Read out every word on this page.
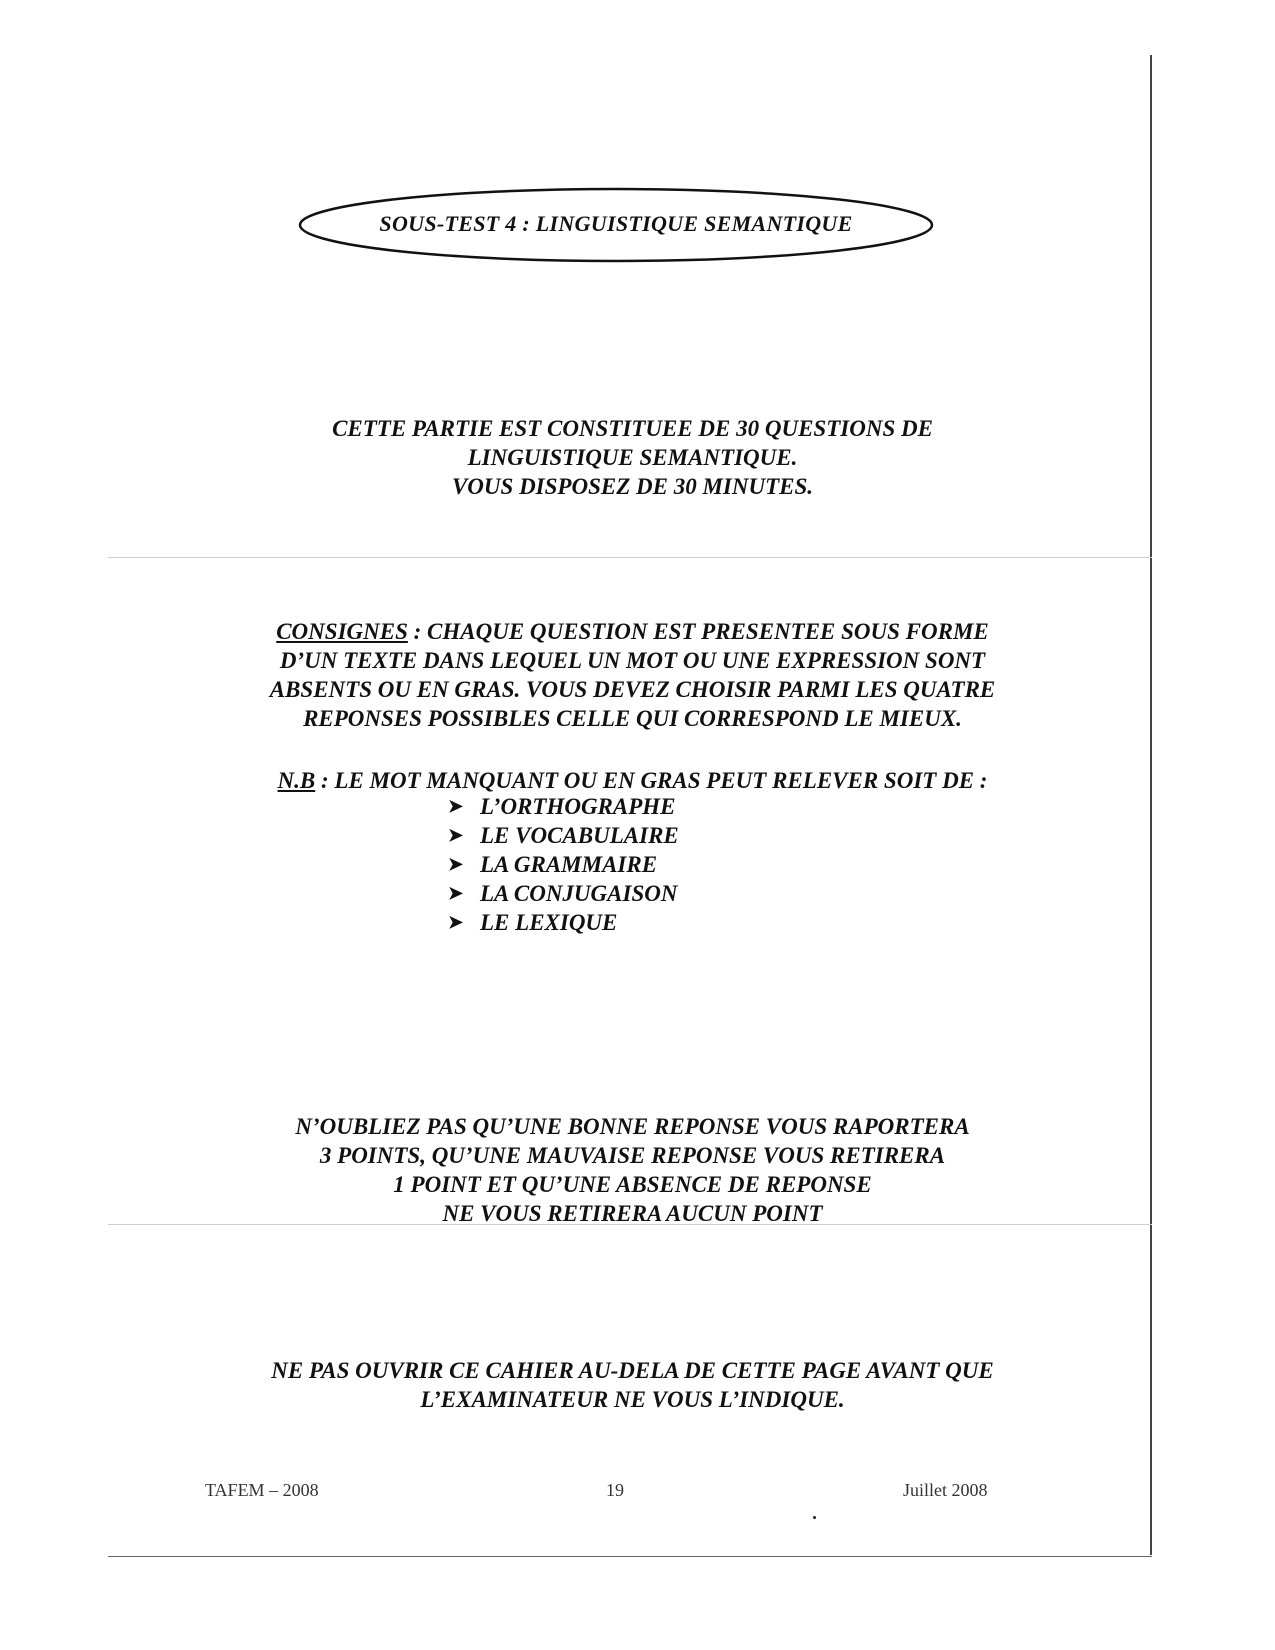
SOUS-TEST 4 : LINGUISTIQUE SEMANTIQUE
CETTE PARTIE EST CONSTITUEE DE 30 QUESTIONS DE
LINGUISTIQUE SEMANTIQUE.
VOUS DISPOSEZ DE 30 MINUTES.
CONSIGNES : CHAQUE QUESTION EST PRESENTEE SOUS FORME
D’UN TEXTE DANS LEQUEL UN MOT OU UNE EXPRESSION SONT
ABSENTS OU EN GRAS. VOUS DEVEZ CHOISIR PARMI LES QUATRE
REPONSES POSSIBLES CELLE QUI CORRESPOND LE MIEUX.
N.B : LE MOT MANQUANT OU EN GRAS PEUT RELEVER SOIT DE :
➤ L’ORTHOGRAPHE
➤ LE VOCABULAIRE
➤ LA GRAMMAIRE
➤ LA CONJUGAISON
➤ LE LEXIQUE
N’OUBLIEZ PAS QU’UNE BONNE REPONSE VOUS RAPORTERA
3 POINTS, QU’UNE MAUVAISE REPONSE VOUS RETIRERA
1 POINT ET QU’UNE ABSENCE DE REPONSE
NE VOUS RETIRERA AUCUN POINT
NE PAS OUVRIR CE CAHIER AU-DELA DE CETTE PAGE AVANT QUE
L’EXAMINATEUR NE VOUS L’INDIQUE.
TAFEM – 2008	19	Juillet 2008
